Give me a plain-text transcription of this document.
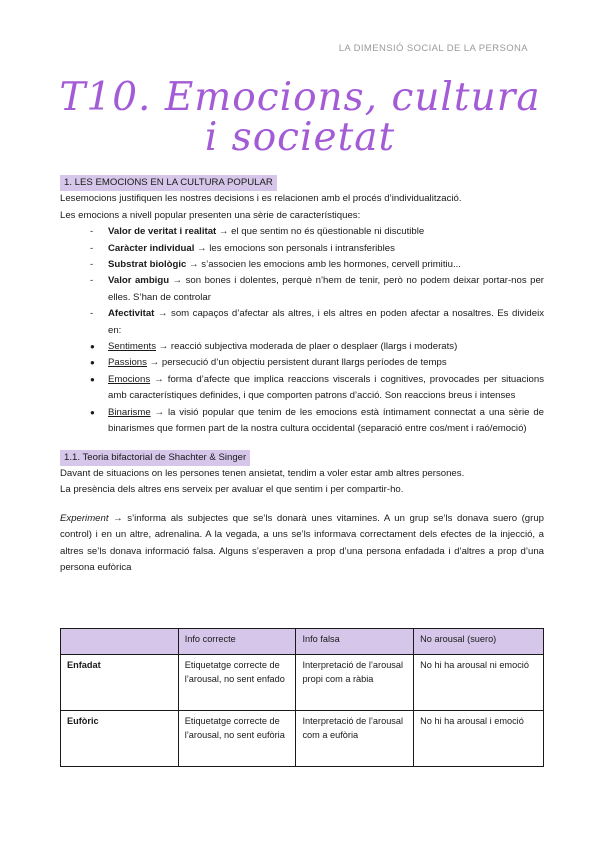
LA DIMENSIÓ SOCIAL DE LA PERSONA
T10. Emocions, cultura
i societat
1. LES EMOCIONS EN LA CULTURA POPULAR

Lesemocions justifiquen les nostres decisions i es relacionen amb el procés d’individualització.

Les emocions a nivell popular presenten una sèrie de característiques:

- Valor de veritat i realitat → el que sentim no és qüestionable ni discutible
- Caràcter individual → les emocions son personals i intransferibles
- Substrat biològic → s’associen les emocions amb les hormones, cervell primitiu...
- Valor ambigu → son bones i dolentes, perquè n’hem de tenir, però no podem deixar portar-nos per elles. S’han de controlar
- Afectivitat → som capaços d’afectar als altres, i els altres en poden afectar a nosaltres. Es divideix en:
● Sentiments → reacció subjectiva moderada de plaer o desplaer (llargs i moderats)
● Passions → persecució d’un objectiu persistent durant llargs períodes de temps
● Emocions → forma d’afecte que implica reaccions viscerals i cognitives, provocades per situacions amb característiques definides, i que comporten patrons d’acció. Son reaccions breus i intenses
● Binarisme → la visió popular que tenim de les emocions està íntimament connectat a una sèrie de binarismes que formen part de la nostra cultura occidental (separació entre cos/ment i raó/emoció)
1.1. Teoria bifactorial de Shachter & Singer

Davant de situacions on les persones tenen ansietat, tendim a voler estar amb altres persones.

La presència dels altres ens serveix per avaluar el que sentim i per compartir-ho.

Experiment → s’informa als subjectes que se’ls donarà unes vitamines. A un grup se’ls donava suero (grup control) i en un altre, adrenalina. A la vegada, a uns se’ls informava correctament dels efectes de la injecció, a altres se’ls donava informació falsa. Alguns s’esperaven a prop d’una persona enfadada i d’altres a prop d’una persona eufòrica

	Info correcte	Info falsa	No arousal (suero)
Enfadat	Etiquetatge correcte de l’arousal, no sent enfado	Interpretació de l’arousal propi com a ràbia	No hi ha arousal ni emoció
Eufòric	Etiquetatge correcte de l’arousal, no sent eufòria	Interpretació de l’arousal com a eufòria	No hi ha arousal i emoció
